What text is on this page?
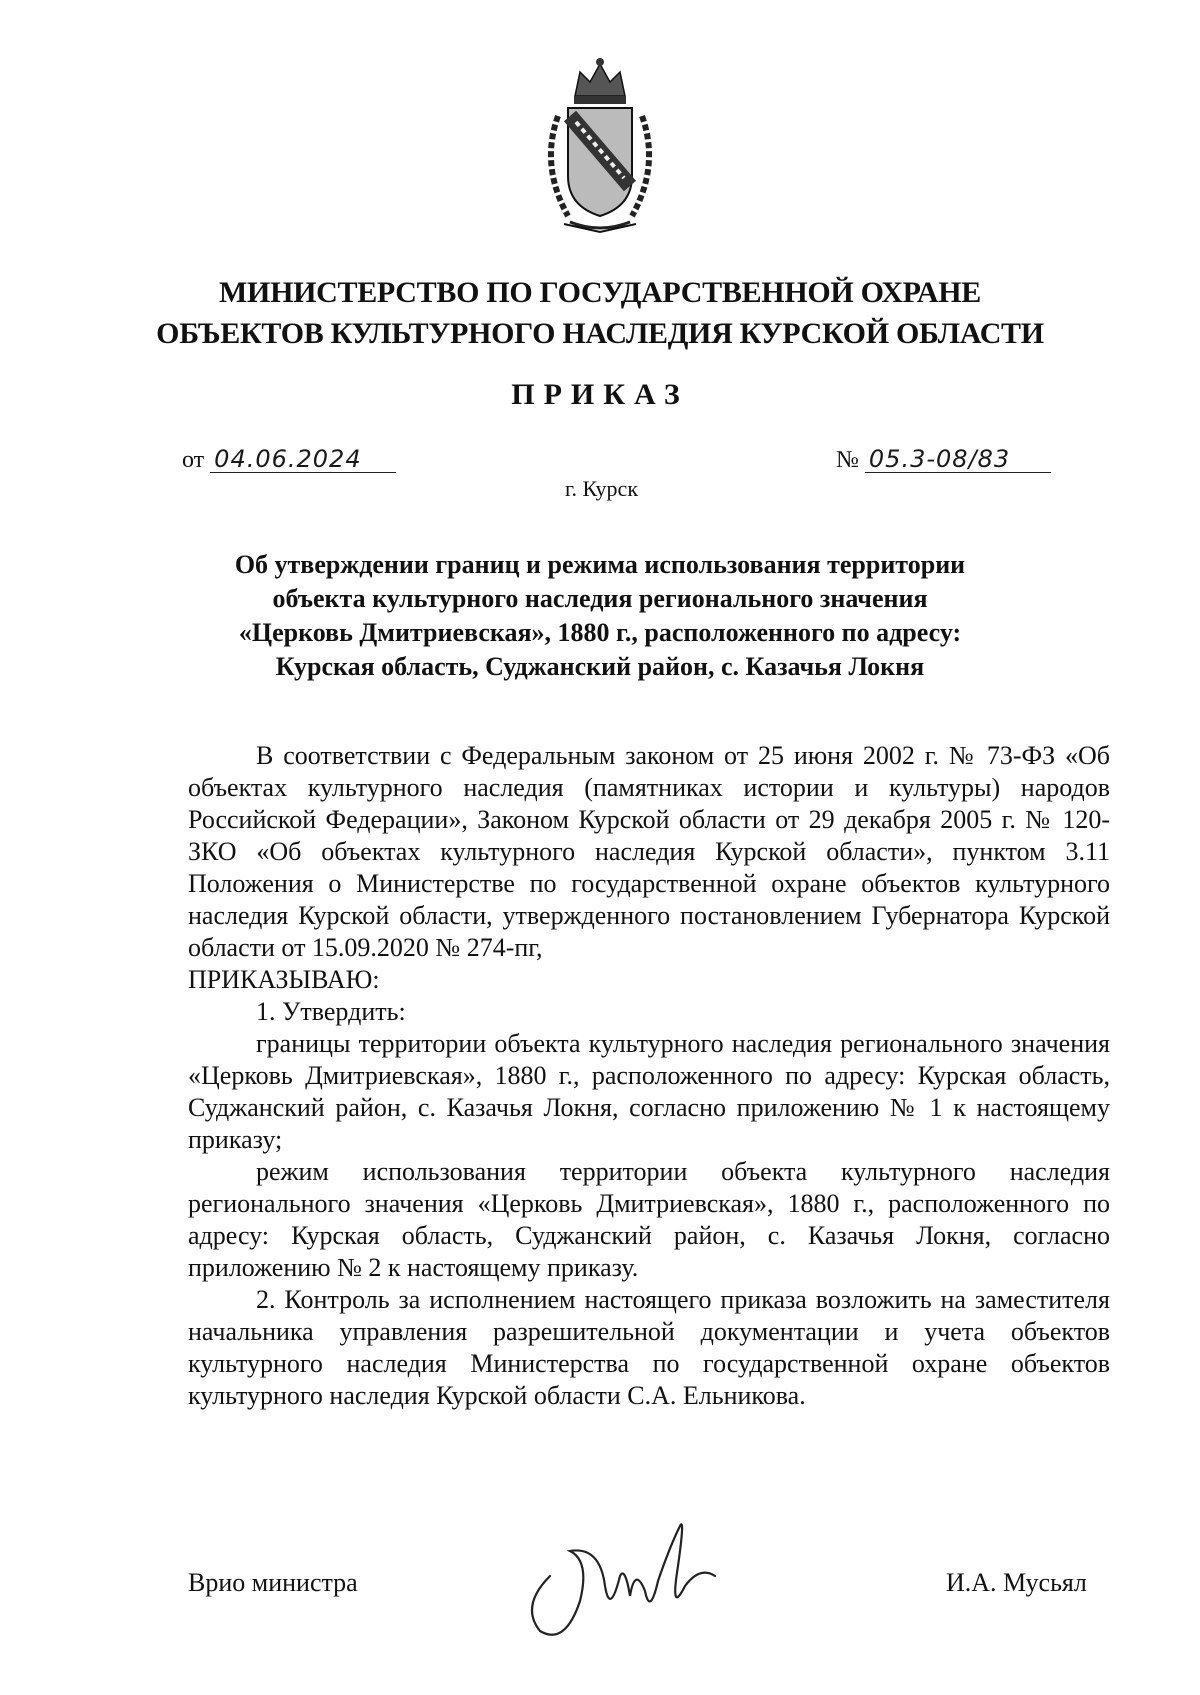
МИНИСТЕРСТВО ПО ГОСУДАРСТВЕННОЙ ОХРАНЕ
ОБЪЕКТОВ КУЛЬТУРНОГО НАСЛЕДИЯ КУРСКОЙ ОБЛАСТИ
ПРИКАЗ
от 04.06.2024	№ 05.3-08/83
г. Курск
Об утверждении границ и режима использования территории
объекта культурного наследия регионального значения
«Церковь Дмитриевская», 1880 г., расположенного по адресу:
Курская область, Суджанский район, с. Казачья Локня

В соответствии с Федеральным законом от 25 июня 2002 г. № 73-ФЗ «Об объектах культурного наследия (памятниках истории и культуры) народов Российской Федерации», Законом Курской области от 29 декабря 2005 г. № 120-ЗКО «Об объектах культурного наследия Курской области», пунктом 3.11 Положения о Министерстве по государственной охране объектов культурного наследия Курской области, утвержденного постановлением Губернатора Курской области от 15.09.2020 № 274-пг,

ПРИКАЗЫВАЮ:

1. Утвердить:

границы территории объекта культурного наследия регионального значения «Церковь Дмитриевская», 1880 г., расположенного по адресу: Курская область, Суджанский район, с. Казачья Локня, согласно приложению № 1 к настоящему приказу;

режим использования территории объекта культурного наследия регионального значения «Церковь Дмитриевская», 1880 г., расположенного по адресу: Курская область, Суджанский район, с. Казачья Локня, согласно приложению № 2 к настоящему приказу.

2. Контроль за исполнением настоящего приказа возложить на заместителя начальника управления разрешительной документации и учета объектов культурного наследия Министерства по государственной охране объектов культурного наследия Курской области С.А. Ельникова.

Врио министра	И.А. Мусьял
